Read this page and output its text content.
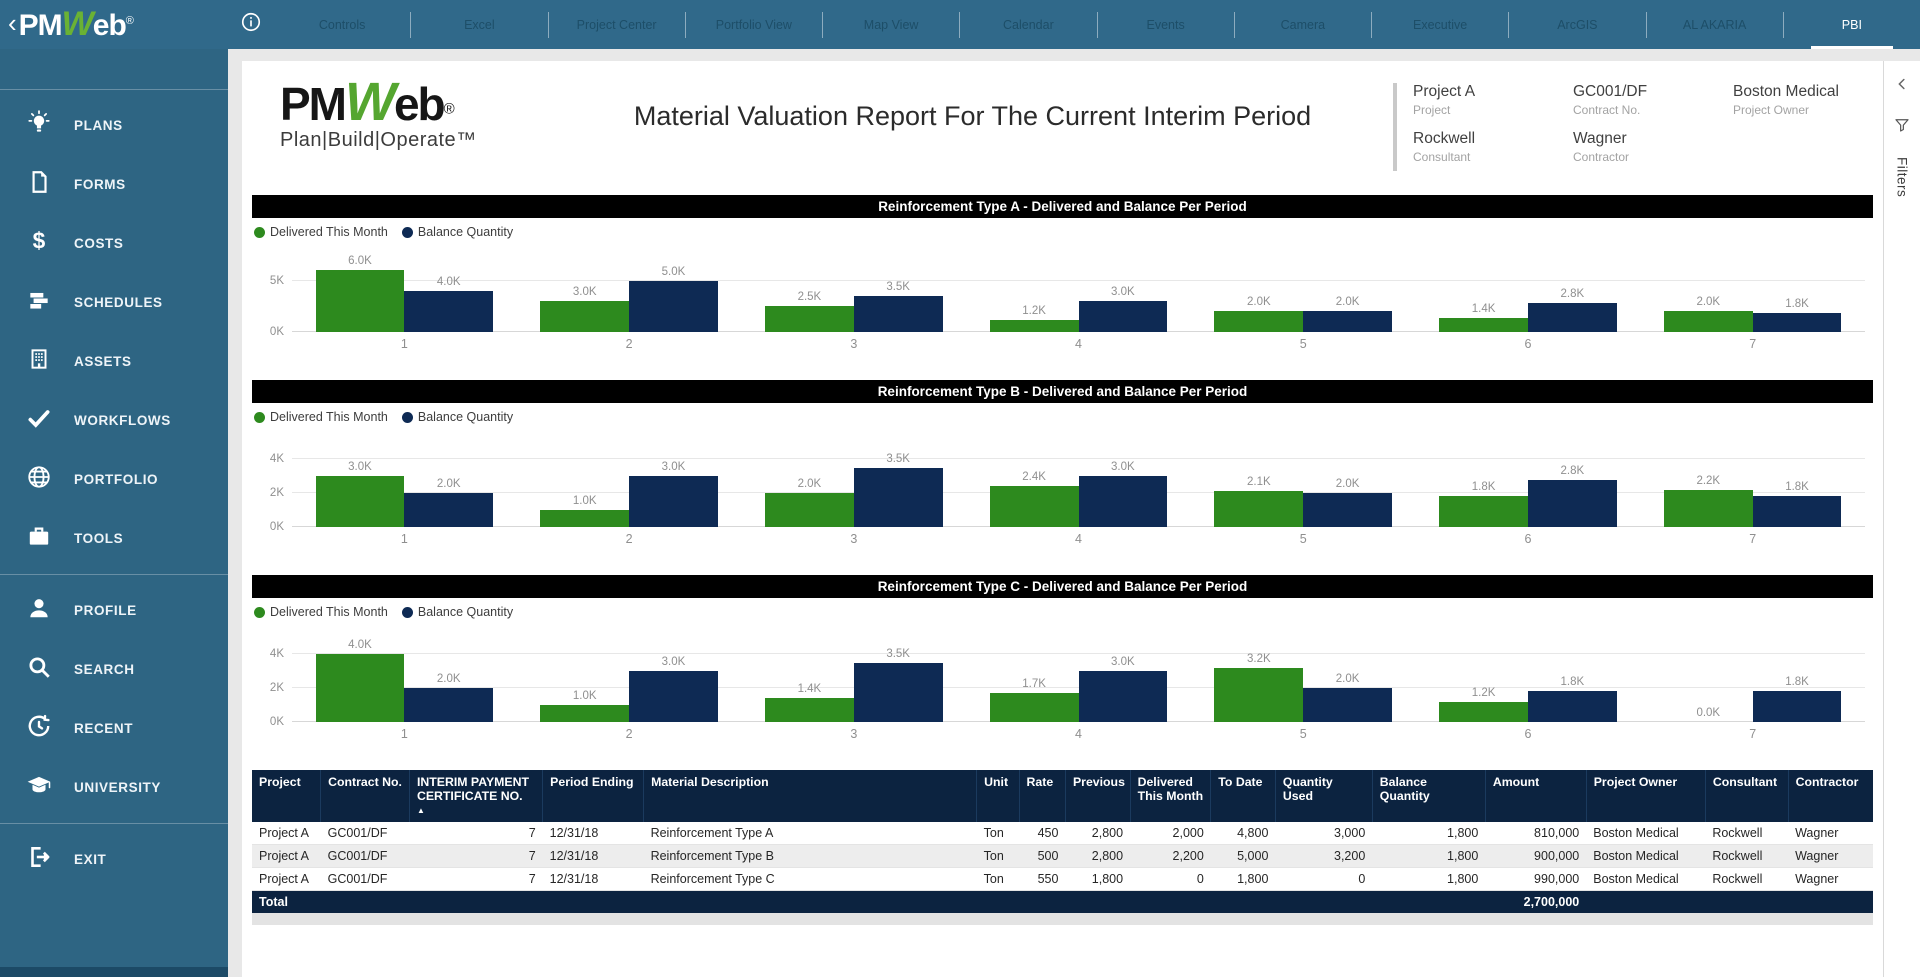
‹ PMWeb®	Controls	Excel	Project Center	Portfolio View	Map View	Calendar	Events	Camera	Executive	ArcGIS	AL AKARIA	PBI
PLANS
FORMS
$ COSTS
SCHEDULES
ASSETS
WORKFLOWS
PORTFOLIO
TOOLS
PROFILE
SEARCH
RECENT
UNIVERSITY
EXIT
PMWeb®
Plan|Build|Operate™
Material Valuation Report For The Current Interim Period
Project A
Project
Rockwell
Consultant
GC001/DF
Contract No.
Wagner
Contractor
Boston Medical
Project Owner
Reinforcement Type A - Delivered and Balance Per Period
Delivered This Month Balance Quantity
5K
0K
6.0K
4.0K
3.0K
5.0K
2.5K
3.5K
1.2K
3.0K
2.0K	2.0K
1.4K
2.8K
2.0K	1.8K
1	2	3	4	5	6	7
Reinforcement Type B - Delivered and Balance Per Period
Delivered This Month Balance Quantity
4K
2K
0K
3.0K
2.0K
1.0K
3.0K
2.0K
3.5K
2.4K
3.0K
2.1K	2.0K	1.8K
2.8K
2.2K
1.8K
1	2	3	4	5	6	7
Reinforcement Type C - Delivered and Balance Per Period
Delivered This Month Balance Quantity
4K
2K
0K
4.0K
2.0K
1.0K
3.0K
1.4K
3.5K
1.7K
3.0K	3.2K
2.0K
1.2K
1.8K
0.0K
1.8K
1	2	3	4	5	6	7
Project	Contract No.	INTERIM PAYMENT CERTIFICATE NO.
▲	Period Ending	Material Description	Unit	Rate	Previous	Delivered This Month	To Date	Quantity Used	Balance Quantity	Amount	Project Owner	Consultant	Contractor
Project A	GC001/DF	7	12/31/18	Reinforcement Type A	Ton	450	2,800	2,000	4,800	3,000	1,800	810,000	Boston Medical	Rockwell	Wagner
Project A	GC001/DF	7	12/31/18	Reinforcement Type B	Ton	500	2,800	2,200	5,000	3,200	1,800	900,000	Boston Medical	Rockwell	Wagner
Project A	GC001/DF	7	12/31/18	Reinforcement Type C	Ton	550	1,800	0	1,800	0	1,800	990,000	Boston Medical	Rockwell	Wagner
Total												2,700,000			
Filters
